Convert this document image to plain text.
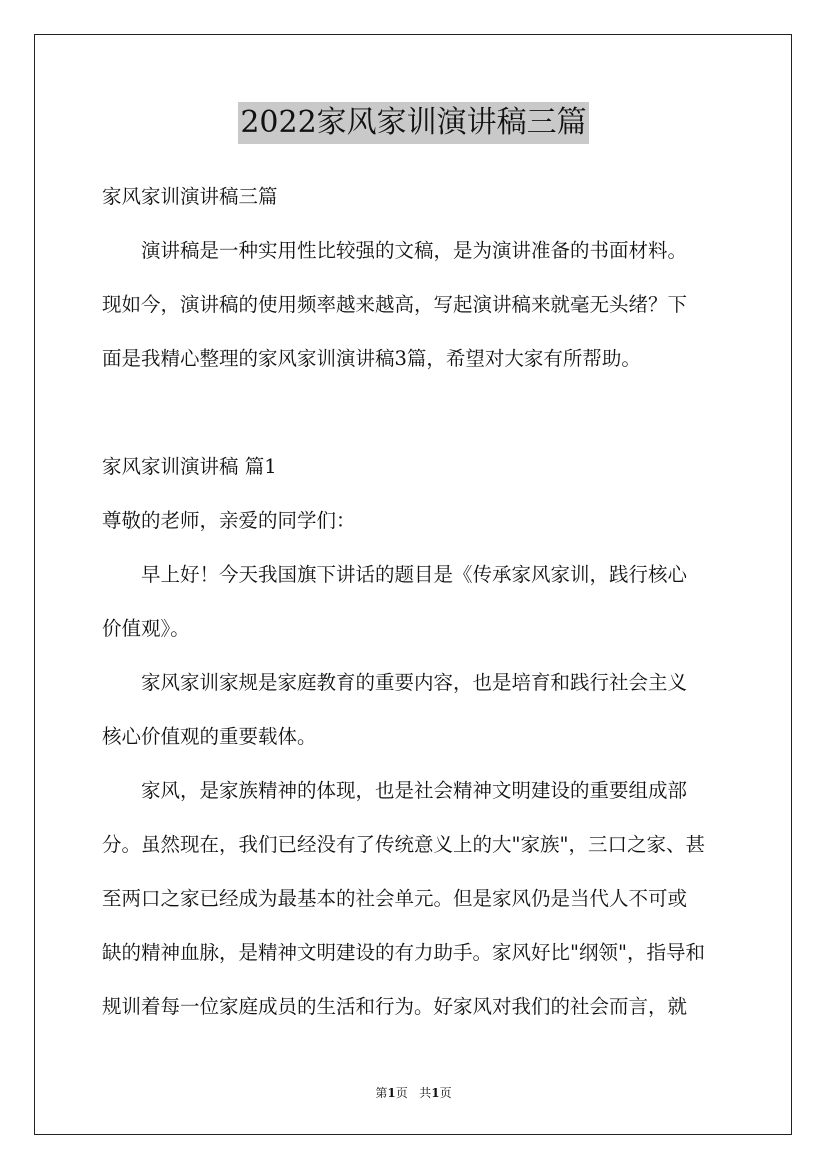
2022家风家训演讲稿三篇

家风家训演讲稿三篇

演讲稿是一种实用性比较强的文稿，是为演讲准备的书面材料。

现如今，演讲稿的使用频率越来越高，写起演讲稿来就毫无头绪？下

面是我精心整理的家风家训演讲稿3篇，希望对大家有所帮助。

家风家训演讲稿 篇1

尊敬的老师，亲爱的同学们：

早上好！今天我国旗下讲话的题目是《传承家风家训，践行核心

价值观》。

家风家训家规是家庭教育的重要内容，也是培育和践行社会主义

核心价值观的重要载体。

家风，是家族精神的体现，也是社会精神文明建设的重要组成部

分。虽然现在，我们已经没有了传统意义上的大"家族"，三口之家、甚

至两口之家已经成为最基本的社会单元。但是家风仍是当代人不可或

缺的精神血脉，是精神文明建设的有力助手。家风好比"纲领"，指导和

规训着每一位家庭成员的生活和行为。好家风对我们的社会而言，就

第1页 共1页
